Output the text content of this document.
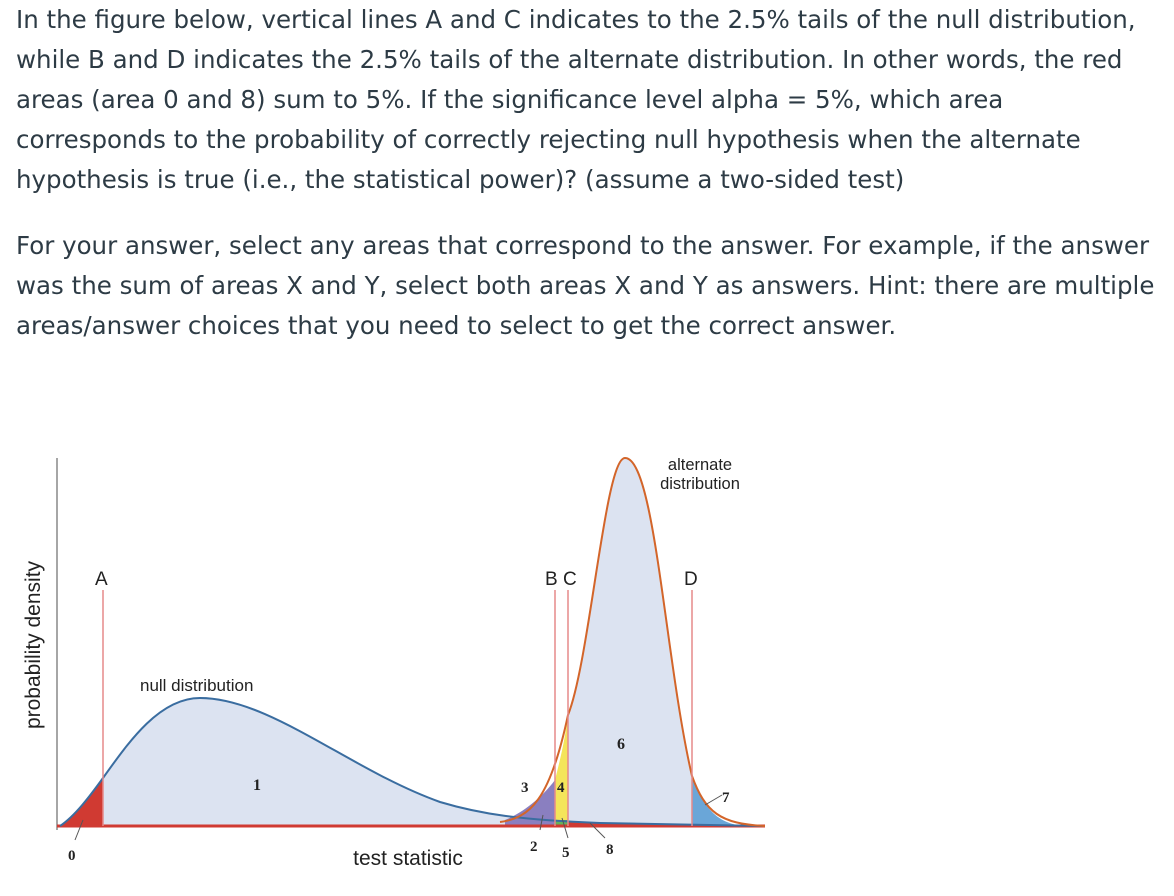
In the figure below, vertical lines A and C indicates to the 2.5% tails of the null distribution, while B and D indicates the 2.5% tails of the alternate distribution. In other words, the red areas (area 0 and 8) sum to 5%. If the significance level alpha = 5%, which area corresponds to the probability of correctly rejecting null hypothesis when the alternate hypothesis is true (i.e., the statistical power)? (assume a two-sided test)

For your answer, select any areas that correspond to the answer. For example, if the answer was the sum of areas X and Y, select both areas X and Y as answers. Hint: there are multiple areas/answer choices that you need to select to get the correct answer.

A	B C	D
null distribution
alternate
distribution
0
1
2
3 4
5
6
7
8
test statistic
probability density
